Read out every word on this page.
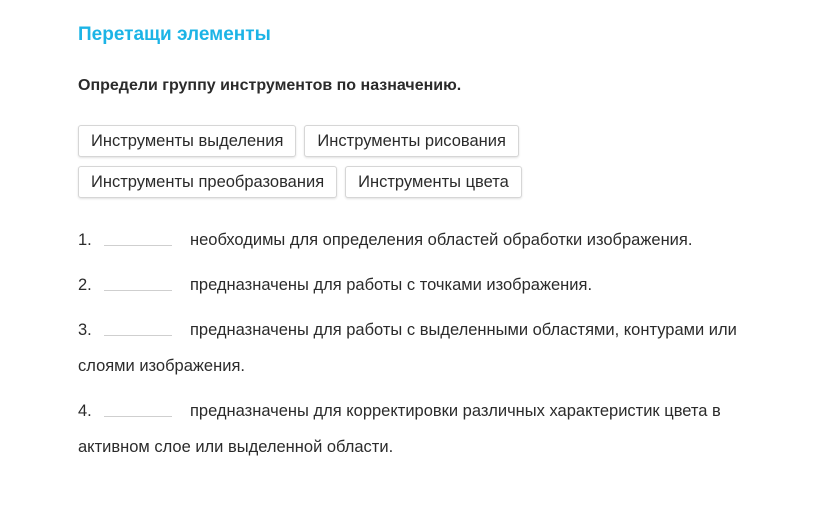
Перетащи элементы
Определи группу инструментов по назначению.
Инструменты выделения	Инструменты рисования
Инструменты преобразования	Инструменты цвета
1.	необходимы для определения областей обработки изображения.
2.	предназначены для работы с точками изображения.
3.	предназначены для работы с выделенными областями, контурами или слоями изображения.
4.	предназначены для корректировки различных характеристик цвета в активном слое или выделенной области.
